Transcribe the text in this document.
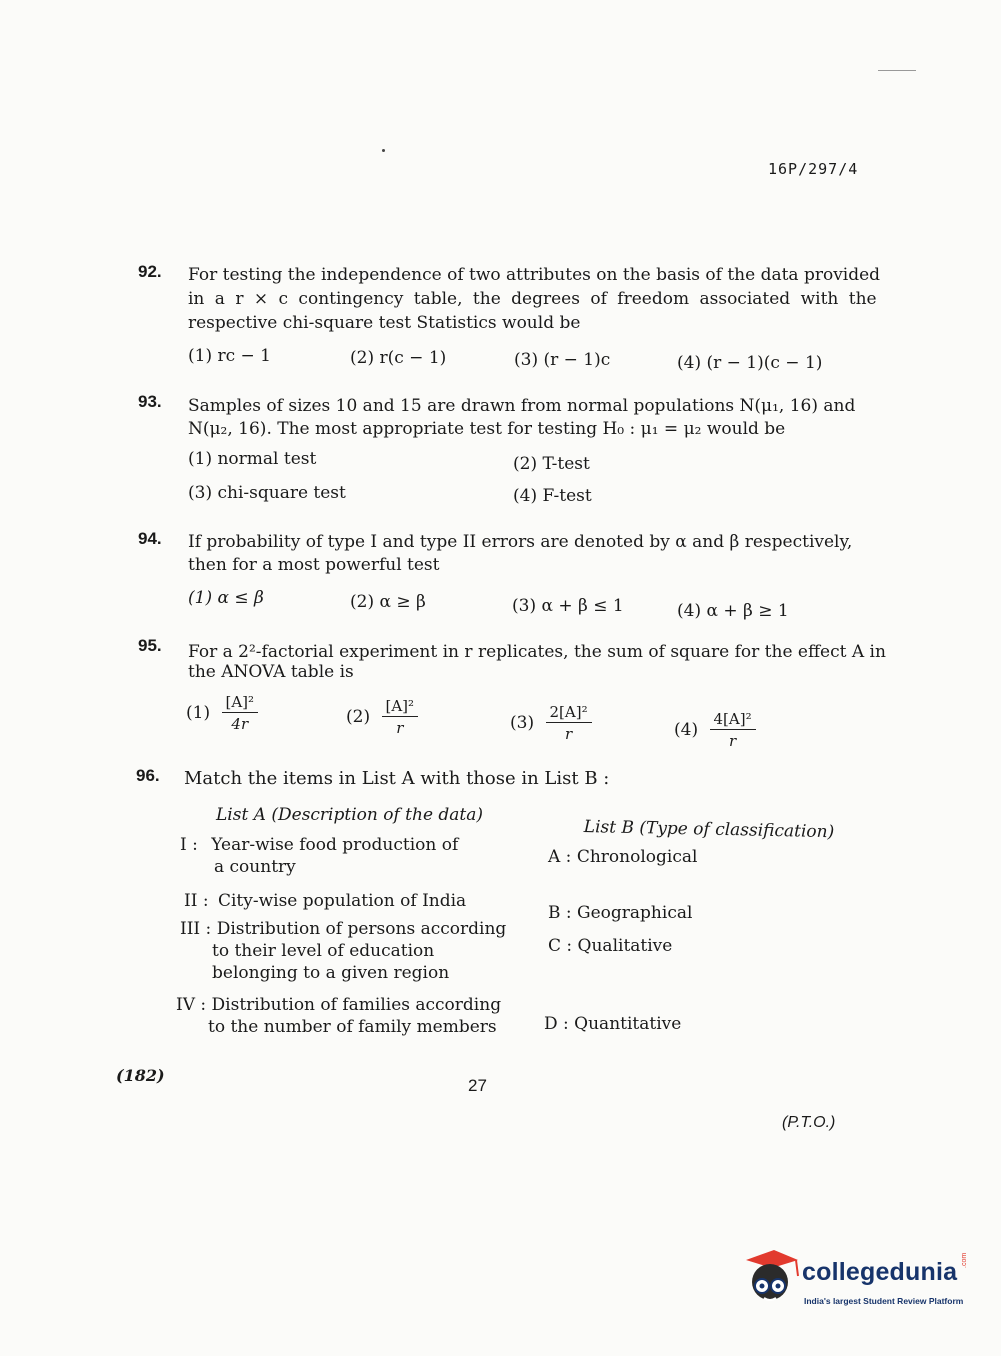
16P/297/4
92. For testing the independence of two attributes on the basis of the data provided
in a r × c contingency table, the degrees of freedom associated with the
respective chi-square test Statistics would be
(1) rc − 1	(2) r(c − 1)	(3) (r − 1)c	(4) (r − 1)(c − 1)
93. Samples of sizes 10 and 15 are drawn from normal populations N(μ₁, 16) and
N(μ₂, 16). The most appropriate test for testing H₀ : μ₁ = μ₂ would be
(1) normal test	(2) T-test
(3) chi-square test	(4) F-test
94. If probability of type I and type II errors are denoted by α and β respectively,
then for a most powerful test
(1) α ≤ β	(2) α ≥ β	(3) α + β ≤ 1	(4) α + β ≥ 1
95. For a 2²-factorial experiment in r replicates, the sum of square for the effect A in
the ANOVA table is
$(1) \frac{\text{[A]²}}{4r}$	$(2) \frac{\text{[A]²}}{r}$	$(3) \frac{\text{2[A]²}}{r}$	$(4) \frac{\text{4[A]²}}{r}$
96. Match the items in List A with those in List B :
List A (Description of the data)
List B (Type of classification)
I : Year-wise food production of
a country
II : City-wise population of India
III : Distribution of persons according
to their level of education
belonging to a given region
IV : Distribution of families according
to the number of family members
A : Chronological
B : Geographical
C : Qualitative
D : Quantitative
(182)
27
(P.T.O.)
collegedunia .com
India's largest Student Review Platform
